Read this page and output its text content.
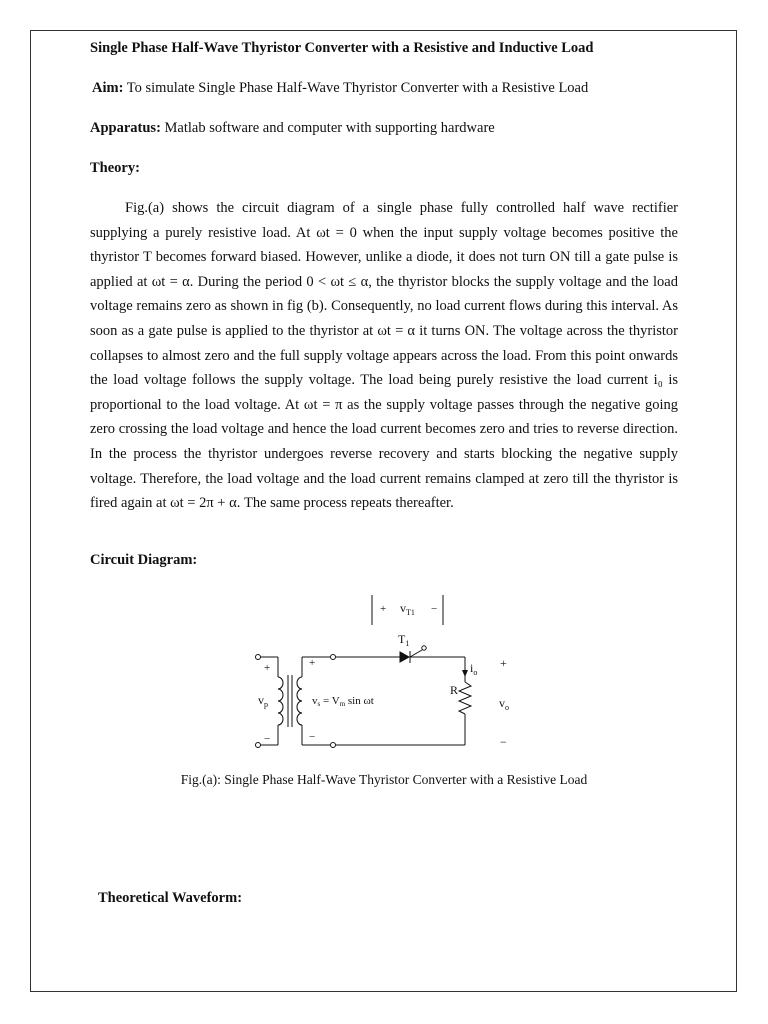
Single Phase Half-Wave Thyristor Converter with a Resistive and Inductive Load
Aim: To simulate Single Phase Half-Wave Thyristor Converter with a Resistive Load
Apparatus: Matlab software and computer with supporting hardware
Theory:

Fig.(a) shows the circuit diagram of a single phase fully controlled half wave rectifier supplying a purely resistive load. At ωt = 0 when the input supply voltage becomes positive the thyristor T becomes forward biased. However, unlike a diode, it does not turn ON till a gate pulse is applied at ωt = α. During the period 0 < ωt ≤ α, the thyristor blocks the supply voltage and the load voltage remains zero as shown in fig (b). Consequently, no load current flows during this interval. As soon as a gate pulse is applied to the thyristor at ωt = α it turns ON. The voltage across the thyristor collapses to almost zero and the full supply voltage appears across the load. From this point onwards the load voltage follows the supply voltage. The load being purely resistive the load current i₀ is proportional to the load voltage. At ωt = π as the supply voltage passes through the negative going zero crossing the load voltage and hence the load current becomes zero and tries to reverse direction. In the process the thyristor undergoes reverse recovery and starts blocking the negative supply voltage. Therefore, the load voltage and the load current remains clamped at zero till the thyristor is fired again at ωt = 2π + α. The same process repeats thereafter.

Circuit Diagram:
+ $v_{T1}$ −
$T_1$
+
−
$v_p$
+
−
vs = Vm sin ωt
$i_o$
R
+
$v_o$
−
Fig.(a): Single Phase Half-Wave Thyristor Converter with a Resistive Load
Theoretical Waveform:
